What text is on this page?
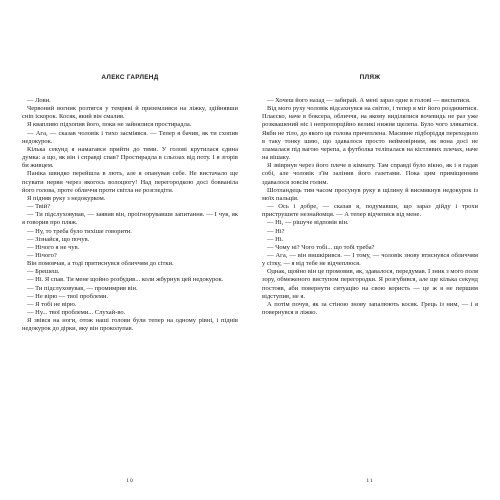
АЛЕКС ГАРЛЕНД

— Лови.

Червоний вогник розтягся у темряві й приземлився на ліжку, здійнявши сніп іскорок. Косяк, який він смалив.

Я квапливо підхопив його, поки не зайнялися простирадла.

— Ага, — сказав чоловік і тихо засміявся. — Тепер я бачив, як ти схопив недокурок.

Кілька секунд я намагався прийти до тями. У голові крутилася єдина думка: а що, як він і справді спав? Простирадла в сльозах від поту. І я згорів би живцем.

Паніка швидко перейшла в лють, але я опанував себе. Не вистачало ще псувати нерви через якогось волоцюгу! Над перегородкою досі бовваніла його голова, проте обличчя проти світла не розгледіти.

Я підняв руку з недокурком.

— Твій?

— Ти підслуховував, — заявив він, проігнорувавши запитання. — І чув, як я говорив про пляж.

— Ну, то треба було тихіше говорити.

— Зізнайся, що почув.

— Нічого я не чув.

— Нічого?

Він помовчав, а тоді притиснувся обличчям до сітки.

— Брешеш.

— Ні. Я спав. Ти мене щойно розбудив... коли жбурнув цей недокурок.

— Ти підслуховував, — промимрив він.

— Не вірю — твої проблеми.

— Я тобі не вірю.

— Ну... твої проблеми... Слухай-во.

Я звівся на ноги, отож наші голови були тепер на одному рівні, і піднів недокурок до дірки, яку він проколупав.

10
ПЛЯЖ

— Хочеш його назад — забирай. А мені зараз одне в голові — виспатися.

Від мого руху чоловік відсахнувся на світло, і тепер я міг його роздивитися. Плаєско, наче в боксера, обличчя, на якому виділялися вочевидь не раз уже розквашений ніс і непропорційно великі нижня щелепа. Було чого злякатися. Якби не тіло, до якого ця голова причеплена. Масивне підборіддя переходило в таку тонку шию, що здавалося просто неймовірним, як вона досі не зламалася під вагою черепа, а футболка теліпалася на кістлявих плечах, наче на вішаку.

Я звіврнув через його плече в кімнату. Там справді було вікно, як і я гадав собі, але чоловік з'їм залінив його газетами. Пока цим приміщенням здавалося зовсім голим.

Шотландець тим часом просунув руку в щілину й висмикнув недокурок із моїх пальців.

— Ось і добре, — сказав я, подумавши, що зараз дійду і трохи приструшите незнайомця. — А тепер відчепися від мене.

— Ні, — рішуче відповів він.

— Ні?

— Ні.

— Чому ні? Чого тобі... що тобі треба?

— Ага, — він вишкірився. — І тому, — чоловік знову втиснувся обличчям у сітку, — я від тебе не відчеплюся.

Однак, щойно він це промовив, як, здавалося, передумав. І зник з мого поля зору, обмеженого виступом перегородки. Я розгубився, але ще кілька секунд постояв, аби повернути ситуацію на свою користь — це ж я не першим відступив, не я.

А потім почув, як за стіною знову запалюють косяк. Грець із ним, — і я повернувся в ліжко.

11
